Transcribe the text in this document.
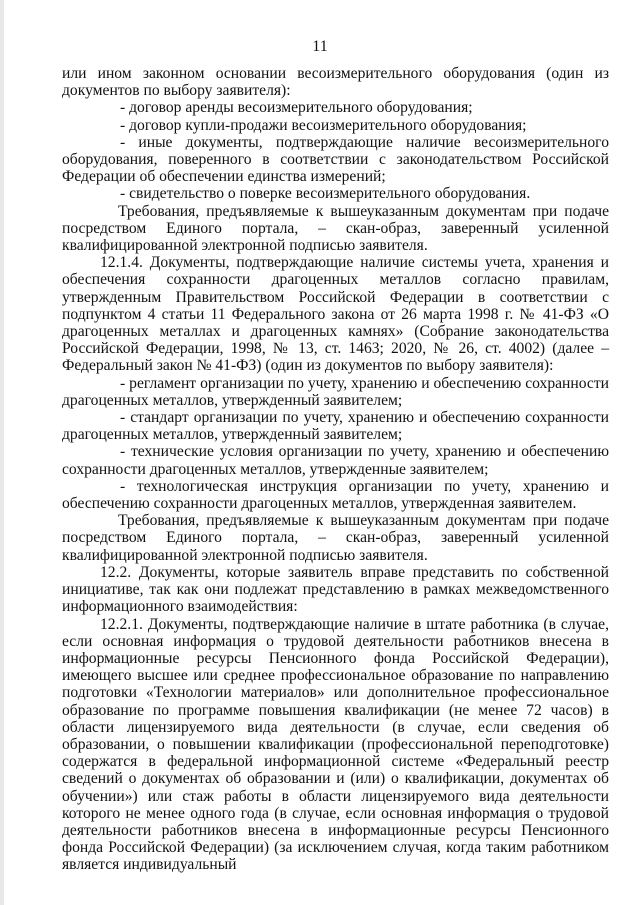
11

или ином законном основании весоизмерительного оборудования (один из документов по выбору заявителя):

- договор аренды весоизмерительного оборудования;

- договор купли-продажи весоизмерительного оборудования;

- иные документы, подтверждающие наличие весоизмерительного оборудования, поверенного в соответствии с законодательством Российской Федерации об обеспечении единства измерений;

- свидетельство о поверке весоизмерительного оборудования.

Требования, предъявляемые к вышеуказанным документам при подаче посредством Единого портала, – скан-образ, заверенный усиленной квалифицированной электронной подписью заявителя.

12.1.4. Документы, подтверждающие наличие системы учета, хранения и обеспечения сохранности драгоценных металлов согласно правилам, утвержденным Правительством Российской Федерации в соответствии с подпунктом 4 статьи 11 Федерального закона от 26 марта 1998 г. № 41-ФЗ «О драгоценных металлах и драгоценных камнях» (Собрание законодательства Российской Федерации, 1998, № 13, ст. 1463; 2020, № 26, ст. 4002) (далее – Федеральный закон № 41-ФЗ) (один из документов по выбору заявителя):

- регламент организации по учету, хранению и обеспечению сохранности драгоценных металлов, утвержденный заявителем;

- стандарт организации по учету, хранению и обеспечению сохранности драгоценных металлов, утвержденный заявителем;

- технические условия организации по учету, хранению и обеспечению сохранности драгоценных металлов, утвержденные заявителем;

- технологическая инструкция организации по учету, хранению и обеспечению сохранности драгоценных металлов, утвержденная заявителем.

Требования, предъявляемые к вышеуказанным документам при подаче посредством Единого портала, – скан-образ, заверенный усиленной квалифицированной электронной подписью заявителя.

12.2. Документы, которые заявитель вправе представить по собственной инициативе, так как они подлежат представлению в рамках межведомственного информационного взаимодействия:

12.2.1. Документы, подтверждающие наличие в штате работника (в случае, если основная информация о трудовой деятельности работников внесена в информационные ресурсы Пенсионного фонда Российской Федерации), имеющего высшее или среднее профессиональное образование по направлению подготовки «Технологии материалов» или дополнительное профессиональное образование по программе повышения квалификации (не менее 72 часов) в области лицензируемого вида деятельности (в случае, если сведения об образовании, о повышении квалификации (профессиональной переподготовке) содержатся в федеральной информационной системе «Федеральный реестр сведений о документах об образовании и (или) о квалификации, документах об обучении») или стаж работы в области лицензируемого вида деятельности которого не менее одного года (в случае, если основная информация о трудовой деятельности работников внесена в информационные ресурсы Пенсионного фонда Российской Федерации) (за исключением случая, когда таким работником является индивидуальный
